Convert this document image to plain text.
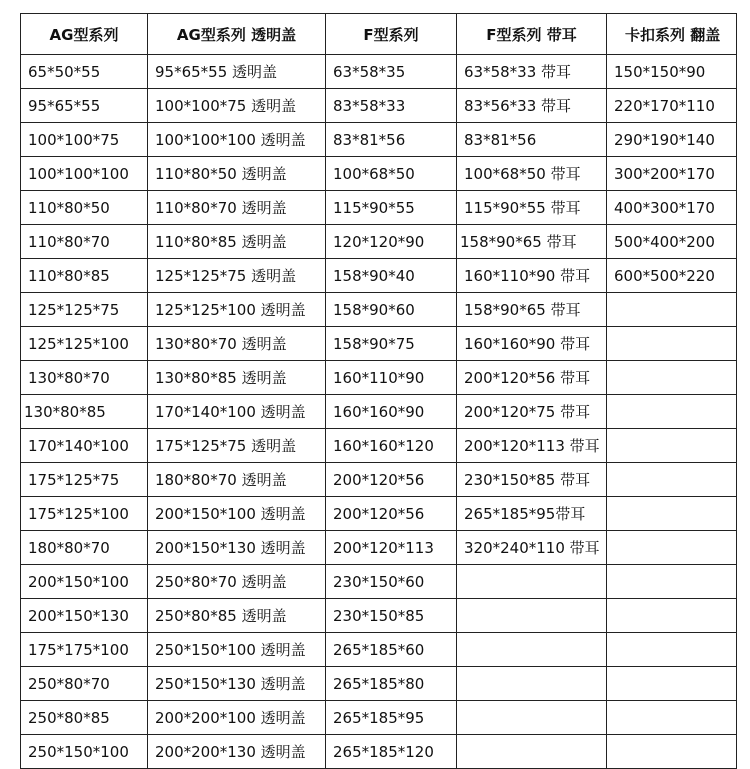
AG型系列	AG型系列 透明盖	F型系列	F型系列 带耳	卡扣系列 翻盖
65*50*55	95*65*55 透明盖	63*58*35	63*58*33 带耳	150*150*90
95*65*55	100*100*75 透明盖	83*58*33	83*56*33 带耳	220*170*110
100*100*75	100*100*100 透明盖	83*81*56	83*81*56	290*190*140
100*100*100	110*80*50 透明盖	100*68*50	100*68*50 带耳	300*200*170
110*80*50	110*80*70 透明盖	115*90*55	115*90*55 带耳	400*300*170
110*80*70	110*80*85 透明盖	120*120*90	158*90*65 带耳	500*400*200
110*80*85	125*125*75 透明盖	158*90*40	160*110*90 带耳	600*500*220
125*125*75	125*125*100 透明盖	158*90*60	158*90*65 带耳	
125*125*100	130*80*70 透明盖	158*90*75	160*160*90 带耳	
130*80*70	130*80*85 透明盖	160*110*90	200*120*56 带耳	
130*80*85	170*140*100 透明盖	160*160*90	200*120*75 带耳	
170*140*100	175*125*75 透明盖	160*160*120	200*120*113 带耳	
175*125*75	180*80*70 透明盖	200*120*56	230*150*85 带耳	
175*125*100	200*150*100 透明盖	200*120*56	265*185*95带耳	
180*80*70	200*150*130 透明盖	200*120*113	320*240*110 带耳	
200*150*100	250*80*70 透明盖	230*150*60		
200*150*130	250*80*85 透明盖	230*150*85		
175*175*100	250*150*100 透明盖	265*185*60		
250*80*70	250*150*130 透明盖	265*185*80		
250*80*85	200*200*100 透明盖	265*185*95		
250*150*100	200*200*130 透明盖	265*185*120		
